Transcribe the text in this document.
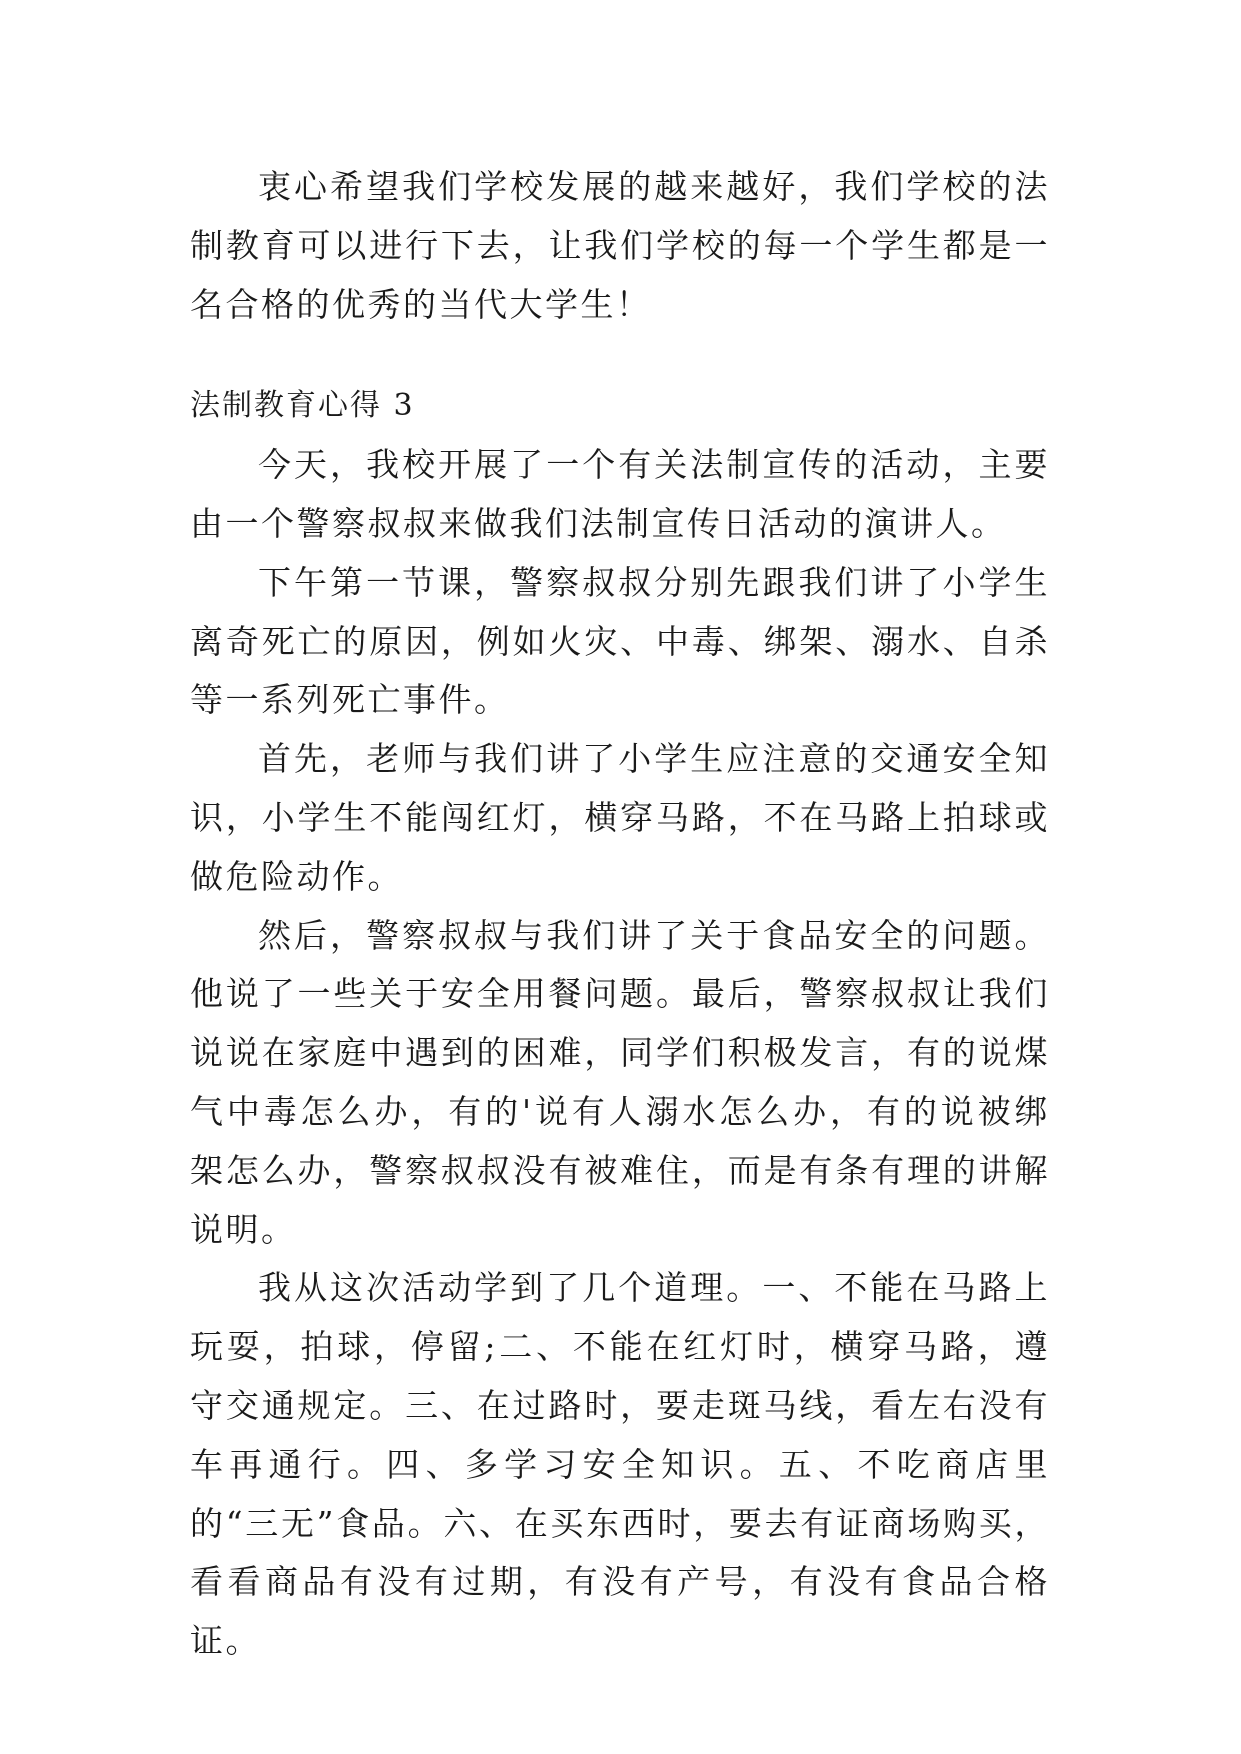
衷心希望我们学校发展的越来越好，我们学校的法制教育可以进行下去，让我们学校的每一个学生都是一名合格的优秀的当代大学生！

法制教育心得 3

今天，我校开展了一个有关法制宣传的活动，主要由一个警察叔叔来做我们法制宣传日活动的演讲人。

下午第一节课，警察叔叔分别先跟我们讲了小学生离奇死亡的原因，例如火灾、中毒、绑架、溺水、自杀等一系列死亡事件。

首先，老师与我们讲了小学生应注意的交通安全知识，小学生不能闯红灯，横穿马路，不在马路上拍球或做危险动作。

然后，警察叔叔与我们讲了关于食品安全的问题。他说了一些关于安全用餐问题。最后，警察叔叔让我们说说在家庭中遇到的困难，同学们积极发言，有的说煤气中毒怎么办，有的'说有人溺水怎么办，有的说被绑架怎么办，警察叔叔没有被难住，而是有条有理的讲解说明。

我从这次活动学到了几个道理。一、不能在马路上玩耍，拍球，停留;二、不能在红灯时，横穿马路，遵守交通规定。三、在过路时，要走斑马线，看左右没有车再通行。四、多学习安全知识。五、不吃商店里的“三无”食品。六、在买东西时，要去有证商场购买，看看商品有没有过期，有没有产号，有没有食品合格证。
